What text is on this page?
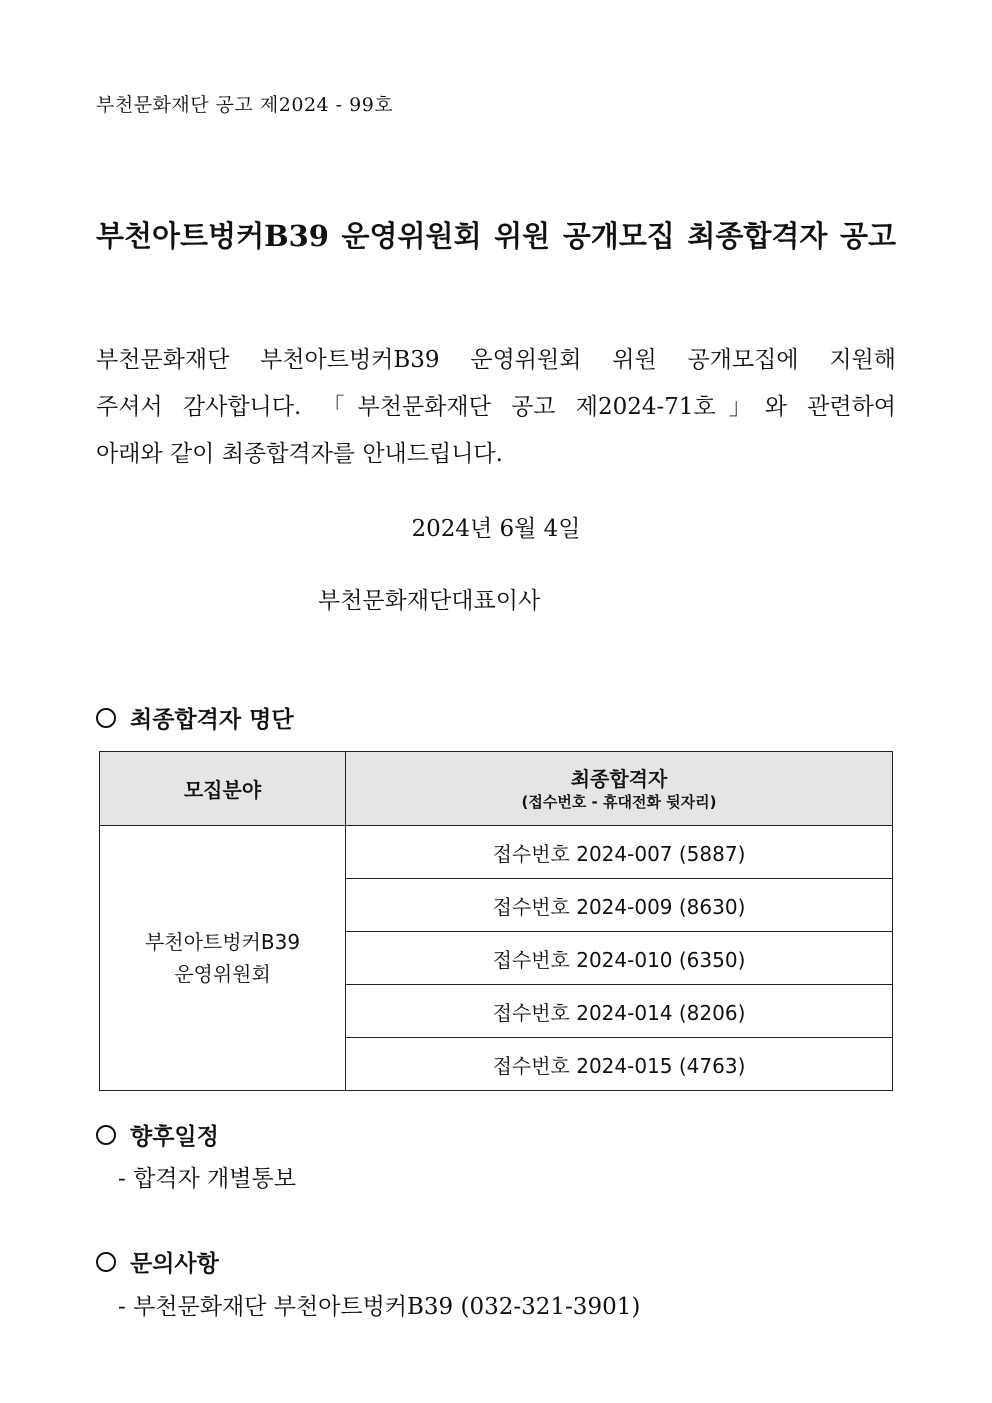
부천문화재단 공고 제2024 - 99호
부천아트벙커B39 운영위원회 위원 공개모집 최종합격자 공고
부천문화재단 부천아트벙커B39 운영위원회 위원 공개모집에 지원해
주셔서 감사합니다. 「부천문화재단 공고 제2024-71호」와 관련하여
아래와 같이 최종합격자를 안내드립니다.
2024년 6월 4일
부천문화재단대표이사
최종합격자 명단
모집분야	최종합격자
(접수번호 - 휴대전화 뒷자리)

부천아트벙커B39
운영위원회	접수번호 2024-007 (5887)
	접수번호 2024-009 (8630)
	접수번호 2024-010 (6350)
	접수번호 2024-014 (8206)
	접수번호 2024-015 (4763)
향후일정
- 합격자 개별통보
문의사항
- 부천문화재단 부천아트벙커B39 (032-321-3901)
